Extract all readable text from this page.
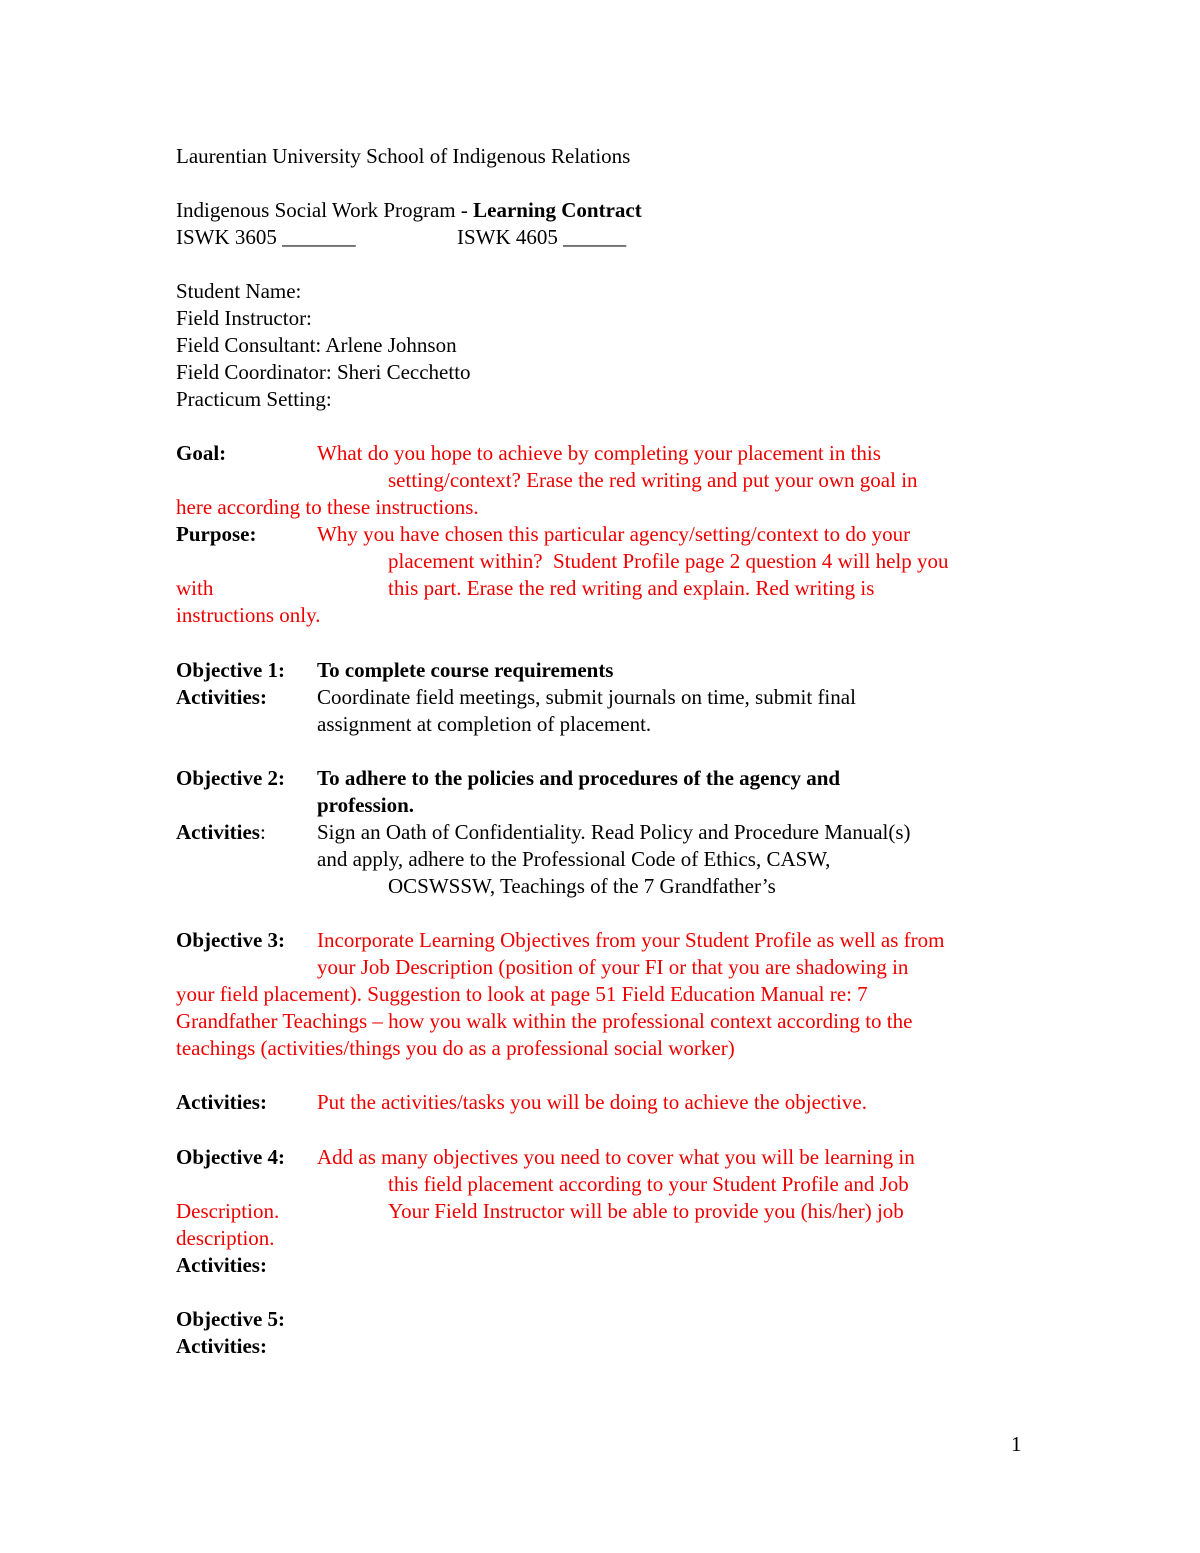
Laurentian University School of Indigenous Relations
Indigenous Social Work Program - Learning Contract
ISWK 3605 _______	ISWK 4605 ______
Student Name:
Field Instructor:
Field Consultant: Arlene Johnson
Field Coordinator: Sheri Cecchetto
Practicum Setting:
Goal:	What do you hope to achieve by completing your placement in this
setting/context? Erase the red writing and put your own goal in
here according to these instructions.
Purpose:	Why you have chosen this particular agency/setting/context to do your
placement within?  Student Profile page 2 question 4 will help you
with	this part. Erase the red writing and explain. Red writing is
instructions only.
Objective 1: To complete course requirements
Activities: Coordinate field meetings, submit journals on time, submit final
assignment at completion of placement.
Objective 2: To adhere to the policies and procedures of the agency and
profession.
Activities: Sign an Oath of Confidentiality. Read Policy and Procedure Manual(s)
and apply, adhere to the Professional Code of Ethics, CASW,
OCSWSSW, Teachings of the 7 Grandfather’s
Objective 3: Incorporate Learning Objectives from your Student Profile as well as from
your Job Description (position of your FI or that you are shadowing in
your field placement). Suggestion to look at page 51 Field Education Manual re: 7
Grandfather Teachings – how you walk within the professional context according to the
teachings (activities/things you do as a professional social worker)
Activities: Put the activities/tasks you will be doing to achieve the objective.
Objective 4: Add as many objectives you need to cover what you will be learning in
this field placement according to your Student Profile and Job
Description.	Your Field Instructor will be able to provide you (his/her) job
description.
Activities:
Objective 5:
Activities:
1
